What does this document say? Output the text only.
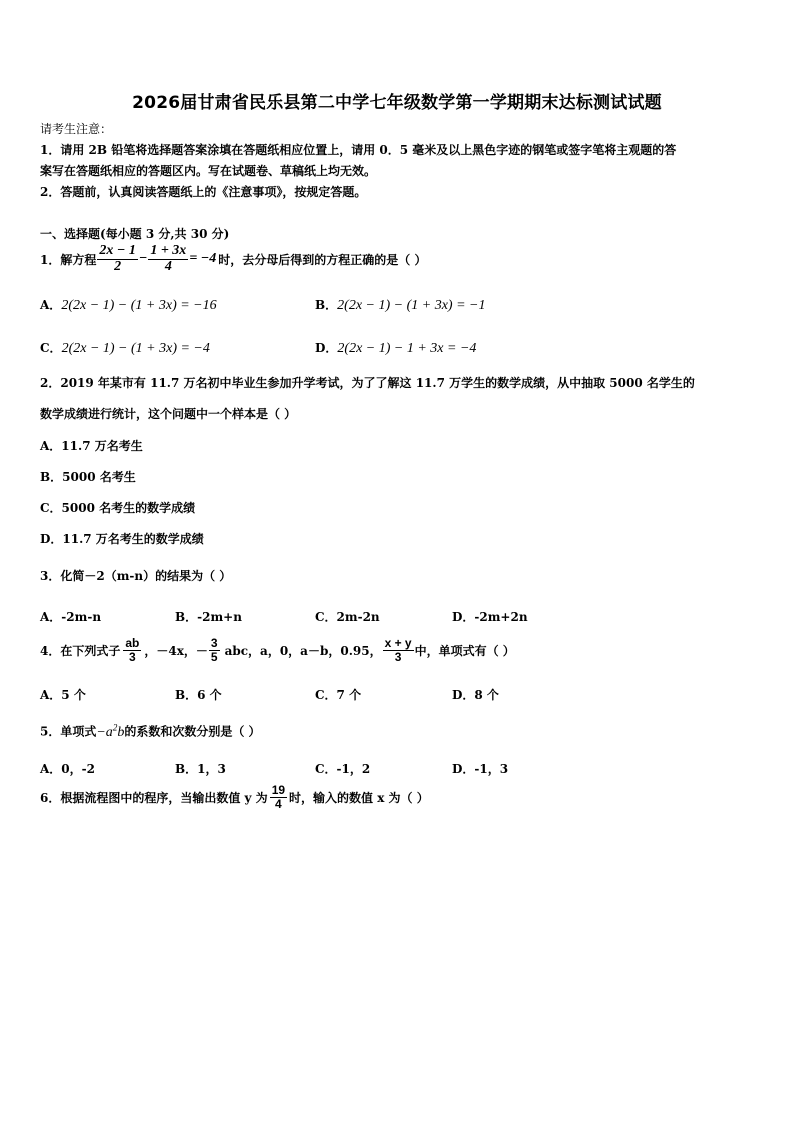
2026届甘肃省民乐县第二中学七年级数学第一学期期末达标测试试题
请考生注意：
1．请用 2B 铅笔将选择题答案涂填在答题纸相应位置上，请用 0．5 毫米及以上黑色字迹的钢笔或签字笔将主观题的答
案写在答题纸相应的答题区内。写在试题卷、草稿纸上均无效。
2．答题前，认真阅读答题纸上的《注意事项》，按规定答题。
一、选择题(每小题 3 分,共 30 分)
1．解方程 $\frac{2x - 1}{2} - \frac{1 + 3x}{4} = -4$ 时，去分母后得到的方程正确的是（ ）
A．2(2x − 1) − (1 + 3x) = −16	B．2(2x − 1) − (1 + 3x) = −1
C．2(2x − 1) − (1 + 3x) = −4	D．2(2x − 1) − 1 + 3x = −4
2．2019 年某市有 11.7 万名初中毕业生参加升学考试，为了了解这 11.7 万学生的数学成绩，从中抽取 5000 名学生的
数学成绩进行统计，这个问题中一个样本是（ ）
A．11.7 万名考生
B．5000 名考生
C．5000 名考生的数学成绩
D．11.7 万名考生的数学成绩
3．化简－2（m-n）的结果为（ ）
A．-2m-n	B．-2m+n	C．2m-2n	D．-2m+2n
4．在下列式子 $\frac{ab}{3}$ ，－4x，－ $\frac{3}{5}$ abc，a，0，a－b，0.95， $\frac{x + y}{3}$ 中，单项式有（ ）
A．5 个	B．6 个	C．7 个	D．8 个
5．单项式$-a^2b$的系数和次数分别是（ ）
A．0，-2	B．1，3	C．-1，2	D．-1，3
6．根据流程图中的程序，当输出数值 y 为 $\frac{19}{4}$ 时，输入的数值 x 为（ ）
